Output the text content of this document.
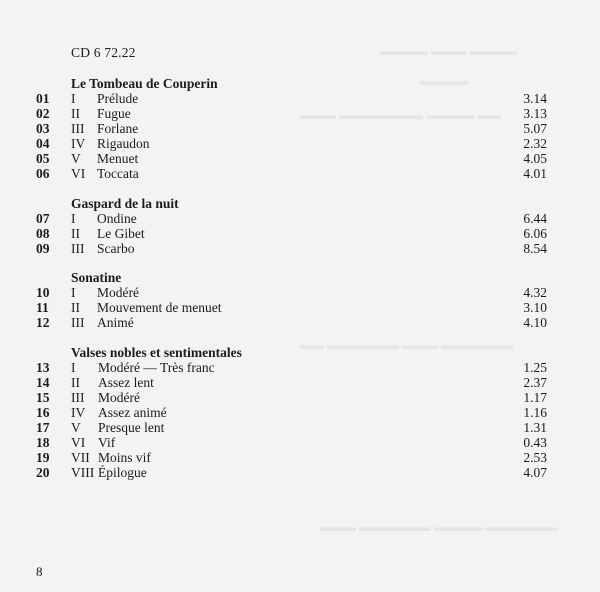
▬▬▬▬ ▬▬▬ ▬▬▬▬
▬▬▬▬
▬▬▬ ▬▬▬▬▬▬▬ ▬▬▬▬ ▬▬
▬▬ ▬▬▬▬▬▬ ▬▬▬ ▬▬▬▬▬▬
▬▬▬ ▬▬▬▬▬▬ ▬▬▬▬ ▬▬▬▬▬▬
CD 6 72.22
Le Tombeau de Couperin
01 I Prélude	3.14
02 II Fugue	3.13
03 III Forlane	5.07
04 IV Rigaudon	2.32
05 V Menuet	4.05
06 VI Toccata	4.01
Gaspard de la nuit
07 I Ondine	6.44
08 II Le Gibet	6.06
09 III Scarbo	8.54
Sonatine
10 I Modéré	4.32
11 II Mouvement de menuet	3.10
12 III Animé	4.10
Valses nobles et sentimentales
13 I Modéré — Très franc	1.25
14 II Assez lent	2.37
15 III Modéré	1.17
16 IV Assez animé	1.16
17 V Presque lent	1.31
18 VI Vif	0.43
19 VII Moins vif	2.53
20 VIII Épilogue	4.07
8
